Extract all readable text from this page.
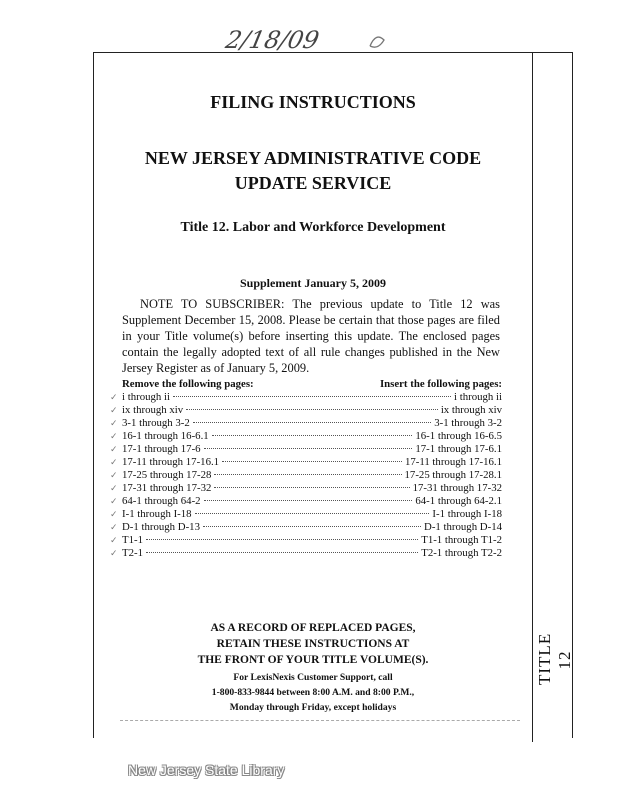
2/18/09
TITLE 12
FILING INSTRUCTIONS
NEW JERSEY ADMINISTRATIVE CODE
UPDATE SERVICE
Title 12. Labor and Workforce Development
Supplement January 5, 2009
NOTE TO SUBSCRIBER: The previous update to Title 12 was Supplement December 15, 2008. Please be certain that those pages are filed in your Title volume(s) before inserting this update. The enclosed pages contain the legally adopted text of all rule changes published in the New Jersey Register as of January 5, 2009.
Remove the following pages:	Insert the following pages:
✓ i through ii	i through ii
✓ ix through xiv	ix through xiv
✓ 3-1 through 3-2	3-1 through 3-2
✓ 16-1 through 16-6.1	16-1 through 16-6.5
✓ 17-1 through 17-6	17-1 through 17-6.1
✓ 17-11 through 17-16.1	17-11 through 17-16.1
✓ 17-25 through 17-28	17-25 through 17-28.1
✓ 17-31 through 17-32	17-31 through 17-32
✓ 64-1 through 64-2	64-1 through 64-2.1
✓ I-1 through I-18	I-1 through I-18
✓ D-1 through D-13	D-1 through D-14
✓ T1-1	T1-1 through T1-2
✓ T2-1	T2-1 through T2-2
AS A RECORD OF REPLACED PAGES,
RETAIN THESE INSTRUCTIONS AT
THE FRONT OF YOUR TITLE VOLUME(S).
For LexisNexis Customer Support, call
1-800-833-9844 between 8:00 A.M. and 8:00 P.M.,
Monday through Friday, except holidays
New Jersey State Library
